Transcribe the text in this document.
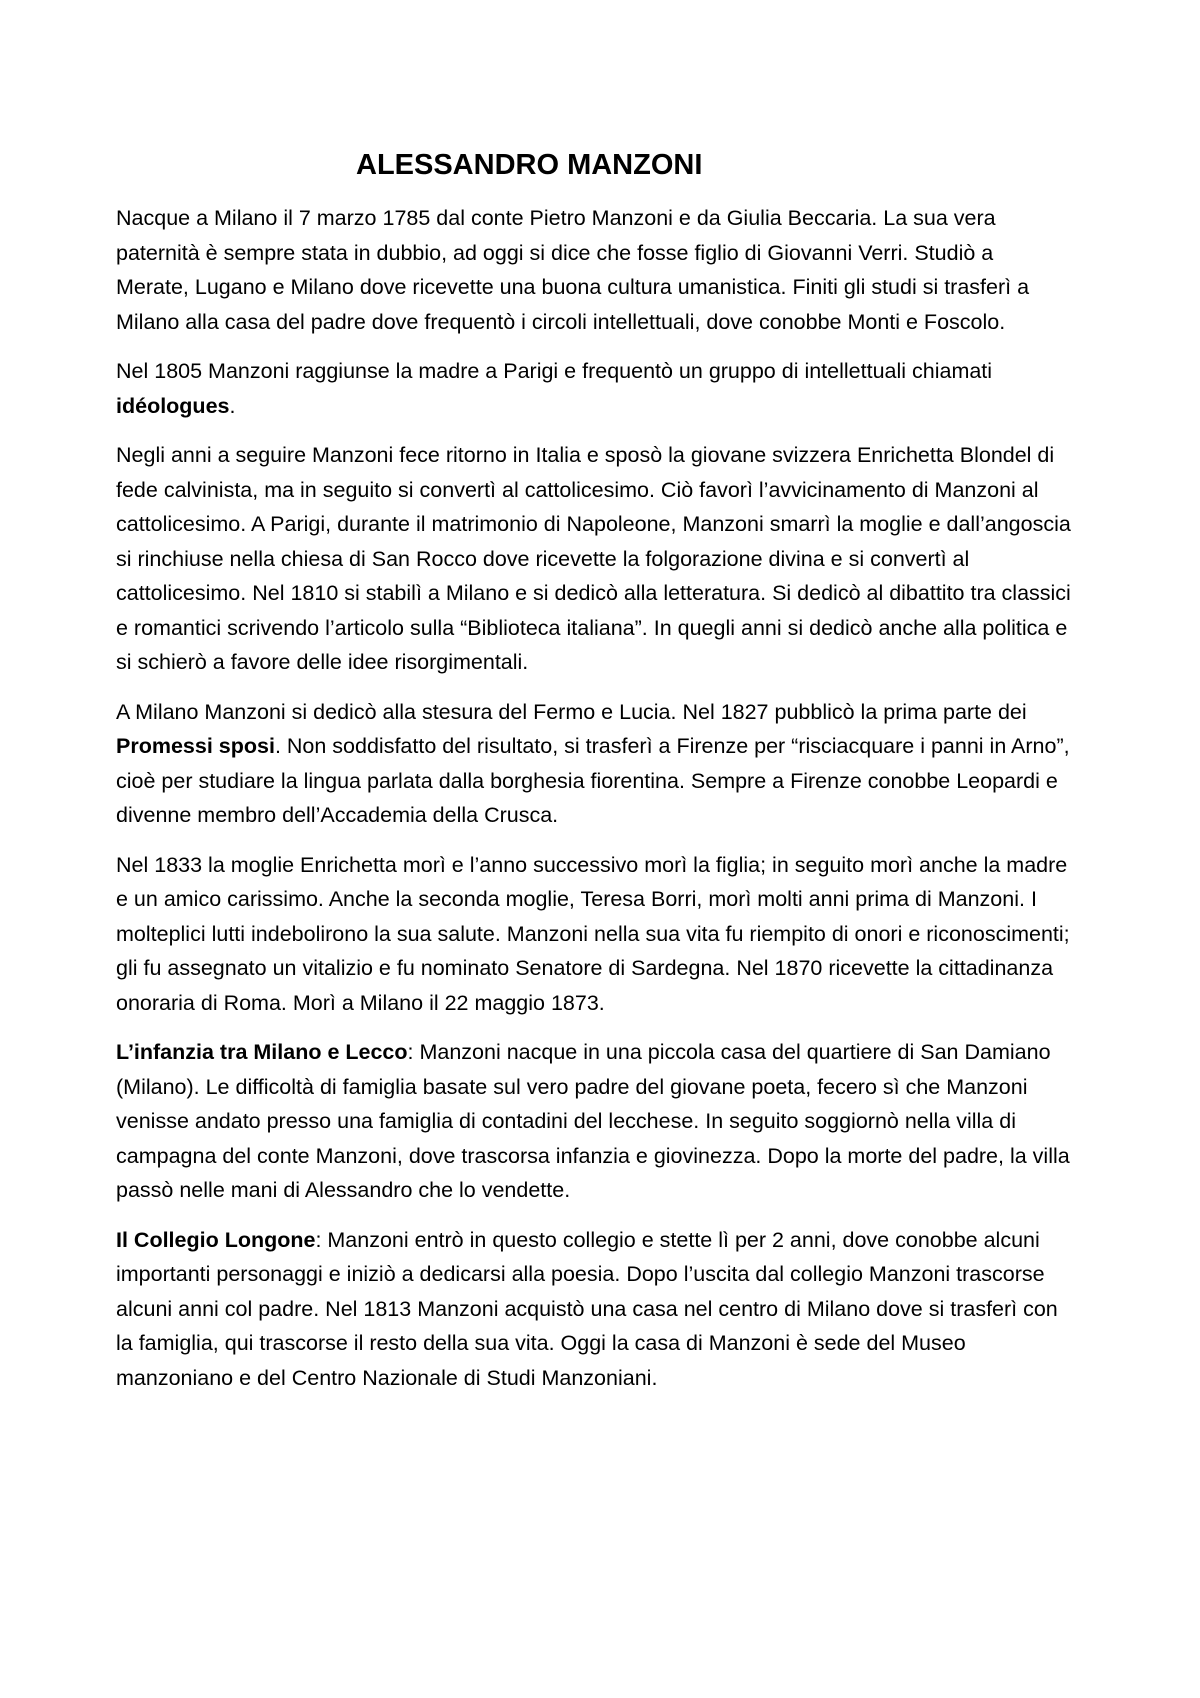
ALESSANDRO MANZONI

Nacque a Milano il 7 marzo 1785 dal conte Pietro Manzoni e da Giulia Beccaria. La sua vera paternità è sempre stata in dubbio, ad oggi si dice che fosse figlio di Giovanni Verri. Studiò a Merate, Lugano e Milano dove ricevette una buona cultura umanistica. Finiti gli studi si trasferì a Milano alla casa del padre dove frequentò i circoli intellettuali, dove conobbe Monti e Foscolo.

Nel 1805 Manzoni raggiunse la madre a Parigi e frequentò un gruppo di intellettuali chiamati idéologues.

Negli anni a seguire Manzoni fece ritorno in Italia e sposò la giovane svizzera Enrichetta Blondel di fede calvinista, ma in seguito si convertì al cattolicesimo. Ciò favorì l’avvicinamento di Manzoni al cattolicesimo. A Parigi, durante il matrimonio di Napoleone, Manzoni smarrì la moglie e dall’angoscia si rinchiuse nella chiesa di San Rocco dove ricevette la folgorazione divina e si convertì al cattolicesimo. Nel 1810 si stabilì a Milano e si dedicò alla letteratura. Si dedicò al dibattito tra classici e romantici scrivendo l’articolo sulla “Biblioteca italiana”. In quegli anni si dedicò anche alla politica e si schierò a favore delle idee risorgimentali.

A Milano Manzoni si dedicò alla stesura del Fermo e Lucia. Nel 1827 pubblicò la prima parte dei Promessi sposi. Non soddisfatto del risultato, si trasferì a Firenze per “risciacquare i panni in Arno”, cioè per studiare la lingua parlata dalla borghesia fiorentina. Sempre a Firenze conobbe Leopardi e divenne membro dell’Accademia della Crusca.

Nel 1833 la moglie Enrichetta morì e l’anno successivo morì la figlia; in seguito morì anche la madre e un amico carissimo. Anche la seconda moglie, Teresa Borri, morì molti anni prima di Manzoni. I molteplici lutti indebolirono la sua salute. Manzoni nella sua vita fu riempito di onori e riconoscimenti; gli fu assegnato un vitalizio e fu nominato Senatore di Sardegna. Nel 1870 ricevette la cittadinanza onoraria di Roma. Morì a Milano il 22 maggio 1873.

L’infanzia tra Milano e Lecco: Manzoni nacque in una piccola casa del quartiere di San Damiano (Milano). Le difficoltà di famiglia basate sul vero padre del giovane poeta, fecero sì che Manzoni venisse andato presso una famiglia di contadini del lecchese. In seguito soggiornò nella villa di campagna del conte Manzoni, dove trascorsa infanzia e giovinezza. Dopo la morte del padre, la villa passò nelle mani di Alessandro che lo vendette.

Il Collegio Longone: Manzoni entrò in questo collegio e stette lì per 2 anni, dove conobbe alcuni importanti personaggi e iniziò a dedicarsi alla poesia. Dopo l’uscita dal collegio Manzoni trascorse alcuni anni col padre. Nel 1813 Manzoni acquistò una casa nel centro di Milano dove si trasferì con la famiglia, qui trascorse il resto della sua vita. Oggi la casa di Manzoni è sede del Museo manzoniano e del Centro Nazionale di Studi Manzoniani.
